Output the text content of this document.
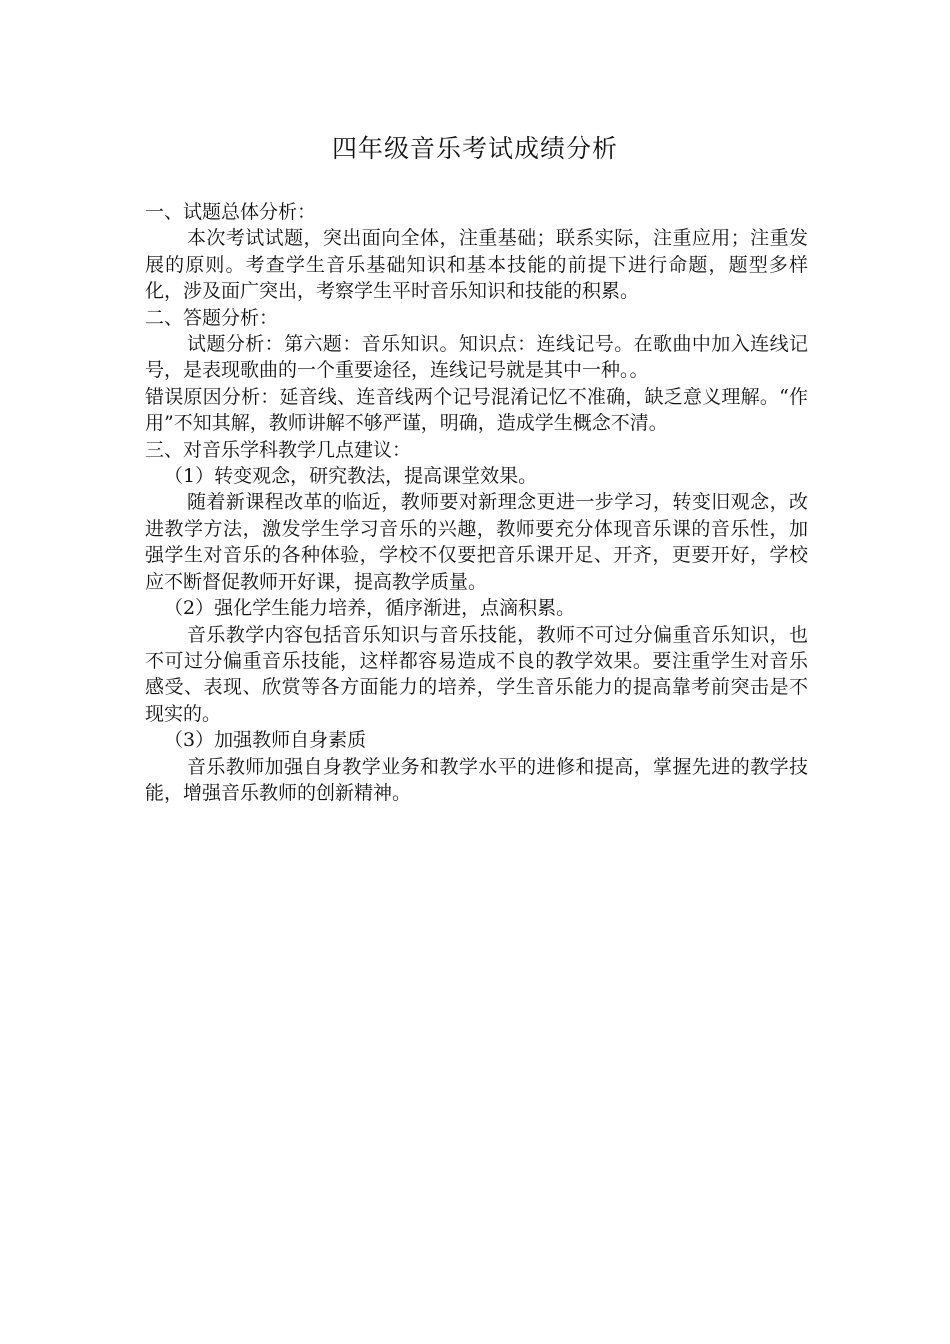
四年级音乐考试成绩分析

一、试题总体分析：

本次考试试题，突出面向全体，注重基础；联系实际，注重应用；注重发展的原则。考查学生音乐基础知识和基本技能的前提下进行命题，题型多样化，涉及面广突出，考察学生平时音乐知识和技能的积累。

二、答题分析：

试题分析：第六题：音乐知识。知识点：连线记号。在歌曲中加入连线记号，是表现歌曲的一个重要途径，连线记号就是其中一种。。

错误原因分析：延音线、连音线两个记号混淆记忆不准确，缺乏意义理解。“作用”不知其解，教师讲解不够严谨，明确，造成学生概念不清。

三、对音乐学科教学几点建议：

（1）转变观念，研究教法，提高课堂效果。

随着新课程改革的临近，教师要对新理念更进一步学习，转变旧观念，改进教学方法，激发学生学习音乐的兴趣，教师要充分体现音乐课的音乐性，加强学生对音乐的各种体验，学校不仅要把音乐课开足、开齐，更要开好，学校应不断督促教师开好课，提高教学质量。

（2）强化学生能力培养，循序渐进，点滴积累。

音乐教学内容包括音乐知识与音乐技能，教师不可过分偏重音乐知识，也不可过分偏重音乐技能，这样都容易造成不良的教学效果。要注重学生对音乐感受、表现、欣赏等各方面能力的培养，学生音乐能力的提高靠考前突击是不现实的。

（3）加强教师自身素质

音乐教师加强自身教学业务和教学水平的进修和提高，掌握先进的教学技能，增强音乐教师的创新精神。
